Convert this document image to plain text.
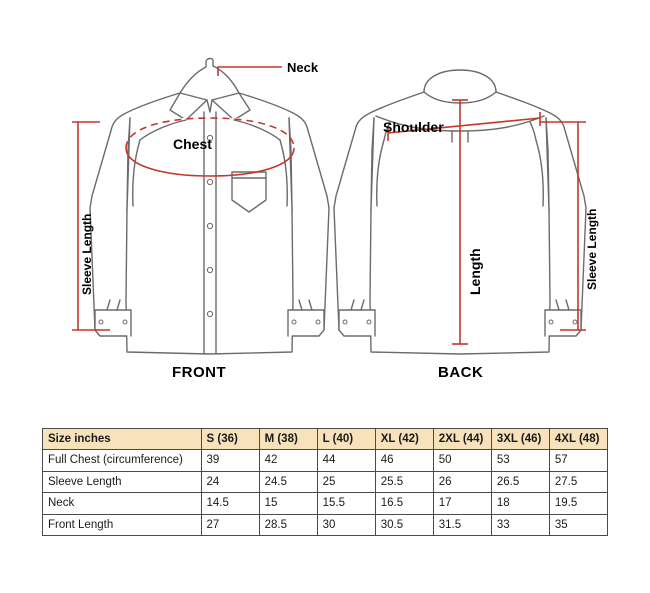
Neck
Chest
Shoulder
Sleeve Length	Sleeve Length
Length
FRONT	BACK
Size inches	S (36)	M (38)	L (40)	XL (42)	2XL (44)	3XL (46)	4XL (48)
Full Chest (circumference)	39	42	44	46	50	53	57
Sleeve Length	24	24.5	25	25.5	26	26.5	27.5
Neck	14.5	15	15.5	16.5	17	18	19.5
Front Length	27	28.5	30	30.5	31.5	33	35
